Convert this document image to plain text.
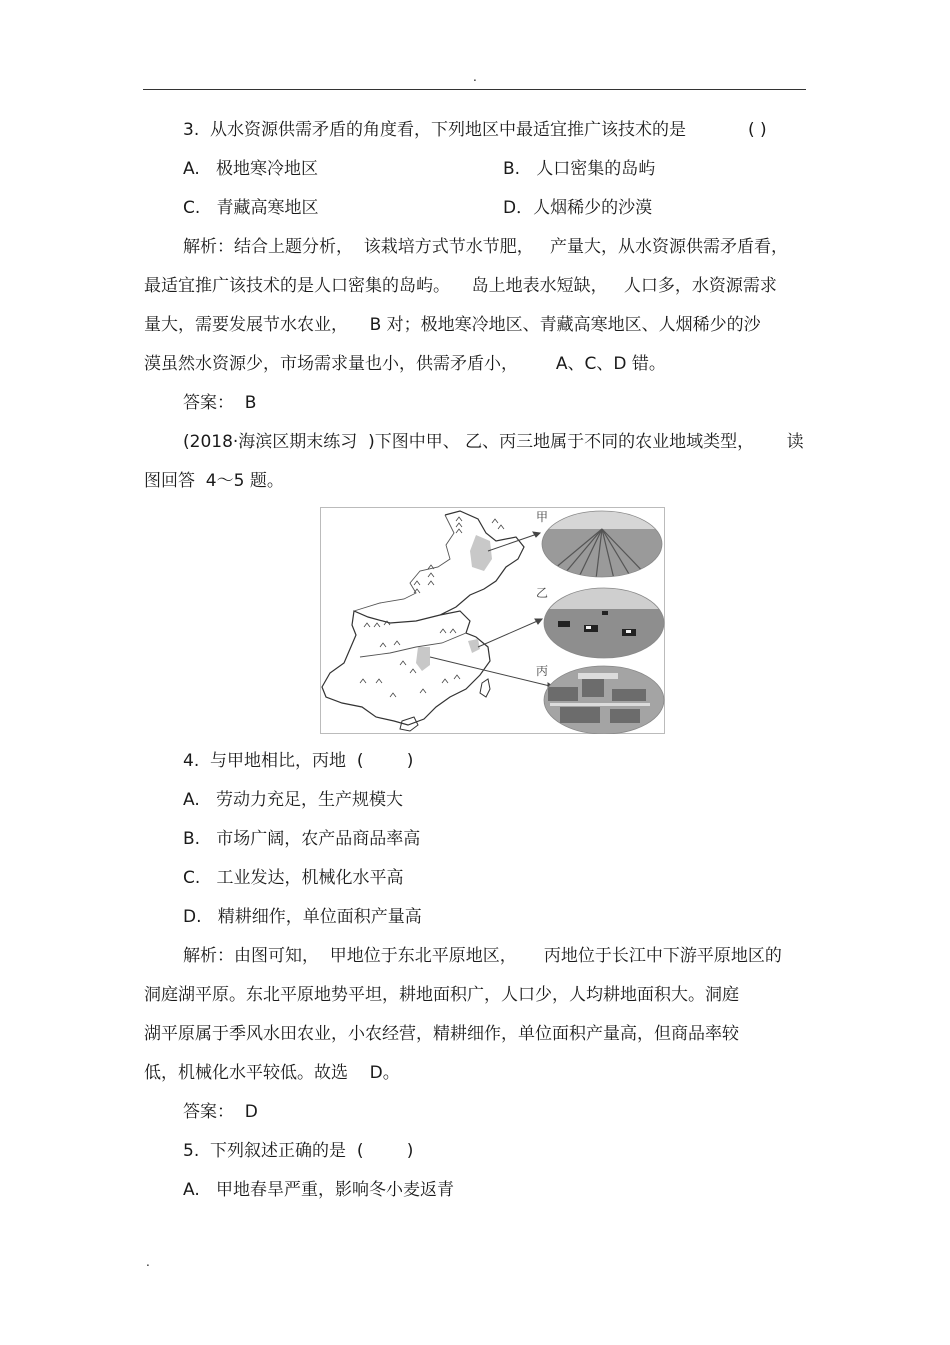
.
3.  从水资源供需矛盾的角度看，下列地区中最适宜推广该技术的是	( )
A.   极地寒冷地区	B.   人口密集的岛屿
C.   青藏高寒地区	D．人烟稀少的沙漠
解析：结合上题分析，  该栽培方式节水节肥，   产量大，从水资源供需矛盾看，
最适宜推广该技术的是人口密集的岛屿。    岛上地表水短缺，   人口多，水资源需求
量大，需要发展节水农业，    B 对；极地寒冷地区、青藏高寒地区、人烟稀少的沙
漠虽然水资源少，市场需求量也小，供需矛盾小，       A、C、D 错。
答案：  B
(2018·海滨区期末练习  )下图中甲、 乙、丙三地属于不同的农业地域类型，      读
图回答  4～5 题。
甲
乙
丙
4.  与甲地相比，丙地  (        )
A.   劳动力充足，生产规模大
B.   市场广阔，农产品商品率高
C.   工业发达，机械化水平高
D.   精耕细作，单位面积产量高
解析：由图可知，  甲地位于东北平原地区，     丙地位于长江中下游平原地区的
洞庭湖平原。东北平原地势平坦，耕地面积广，人口少，人均耕地面积大。洞庭
湖平原属于季风水田农业，小农经营，精耕细作，单位面积产量高，但商品率较
低，机械化水平较低。故选    D。
答案：  D
5.  下列叙述正确的是  (        )
A.   甲地春旱严重，影响冬小麦返青
.
